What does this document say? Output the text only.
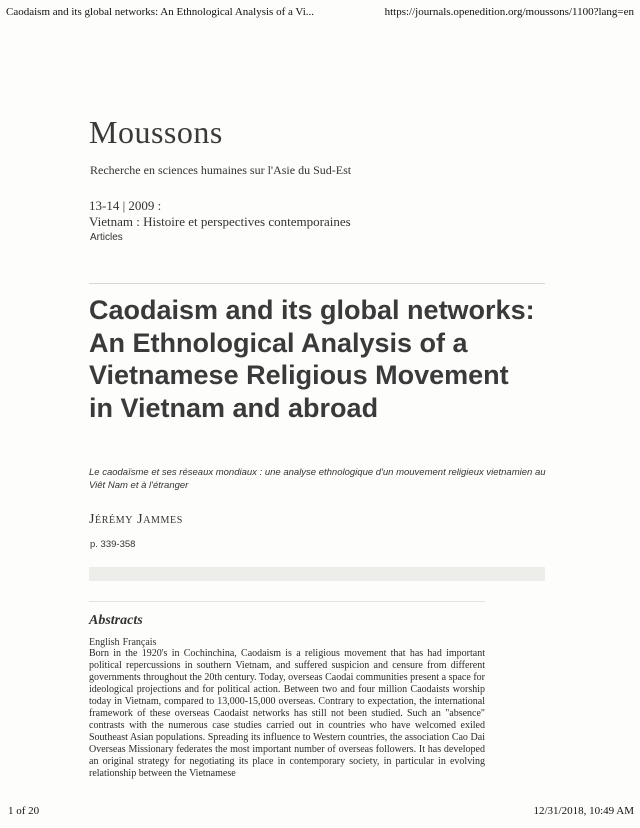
Caodaism and its global networks: An Ethnological Analysis of a Vi...	https://journals.openedition.org/moussons/1100?lang=en
Moussons
Recherche en sciences humaines sur l'Asie du Sud-Est
13-14 | 2009 :
Vietnam : Histoire et perspectives contemporaines
Articles
Caodaism and its global networks: An Ethnological Analysis of a Vietnamese Religious Movement in Vietnam and abroad

Le caodaïsme et ses réseaux mondiaux : une analyse ethnologique d'un mouvement religieux vietnamien au Viêt Nam et à l'étranger

Jérémy Jammes
p. 339-358
Abstracts
English Français

Born in the 1920's in Cochinchina, Caodaism is a religious movement that has had important political repercussions in southern Vietnam, and suffered suspicion and censure from different governments throughout the 20th century. Today, overseas Caodai communities present a space for ideological projections and for political action. Between two and four million Caodaists worship today in Vietnam, compared to 13,000-15,000 overseas. Contrary to expectation, the international framework of these overseas Caodaist networks has still not been studied. Such an "absence" contrasts with the numerous case studies carried out in countries who have welcomed exiled Southeast Asian populations. Spreading its influence to Western countries, the association Cao Dai Overseas Missionary federates the most important number of overseas followers. It has developed an original strategy for negotiating its place in contemporary society, in particular in evolving relationship between the Vietnamese

1 of 20	12/31/2018, 10:49 AM
